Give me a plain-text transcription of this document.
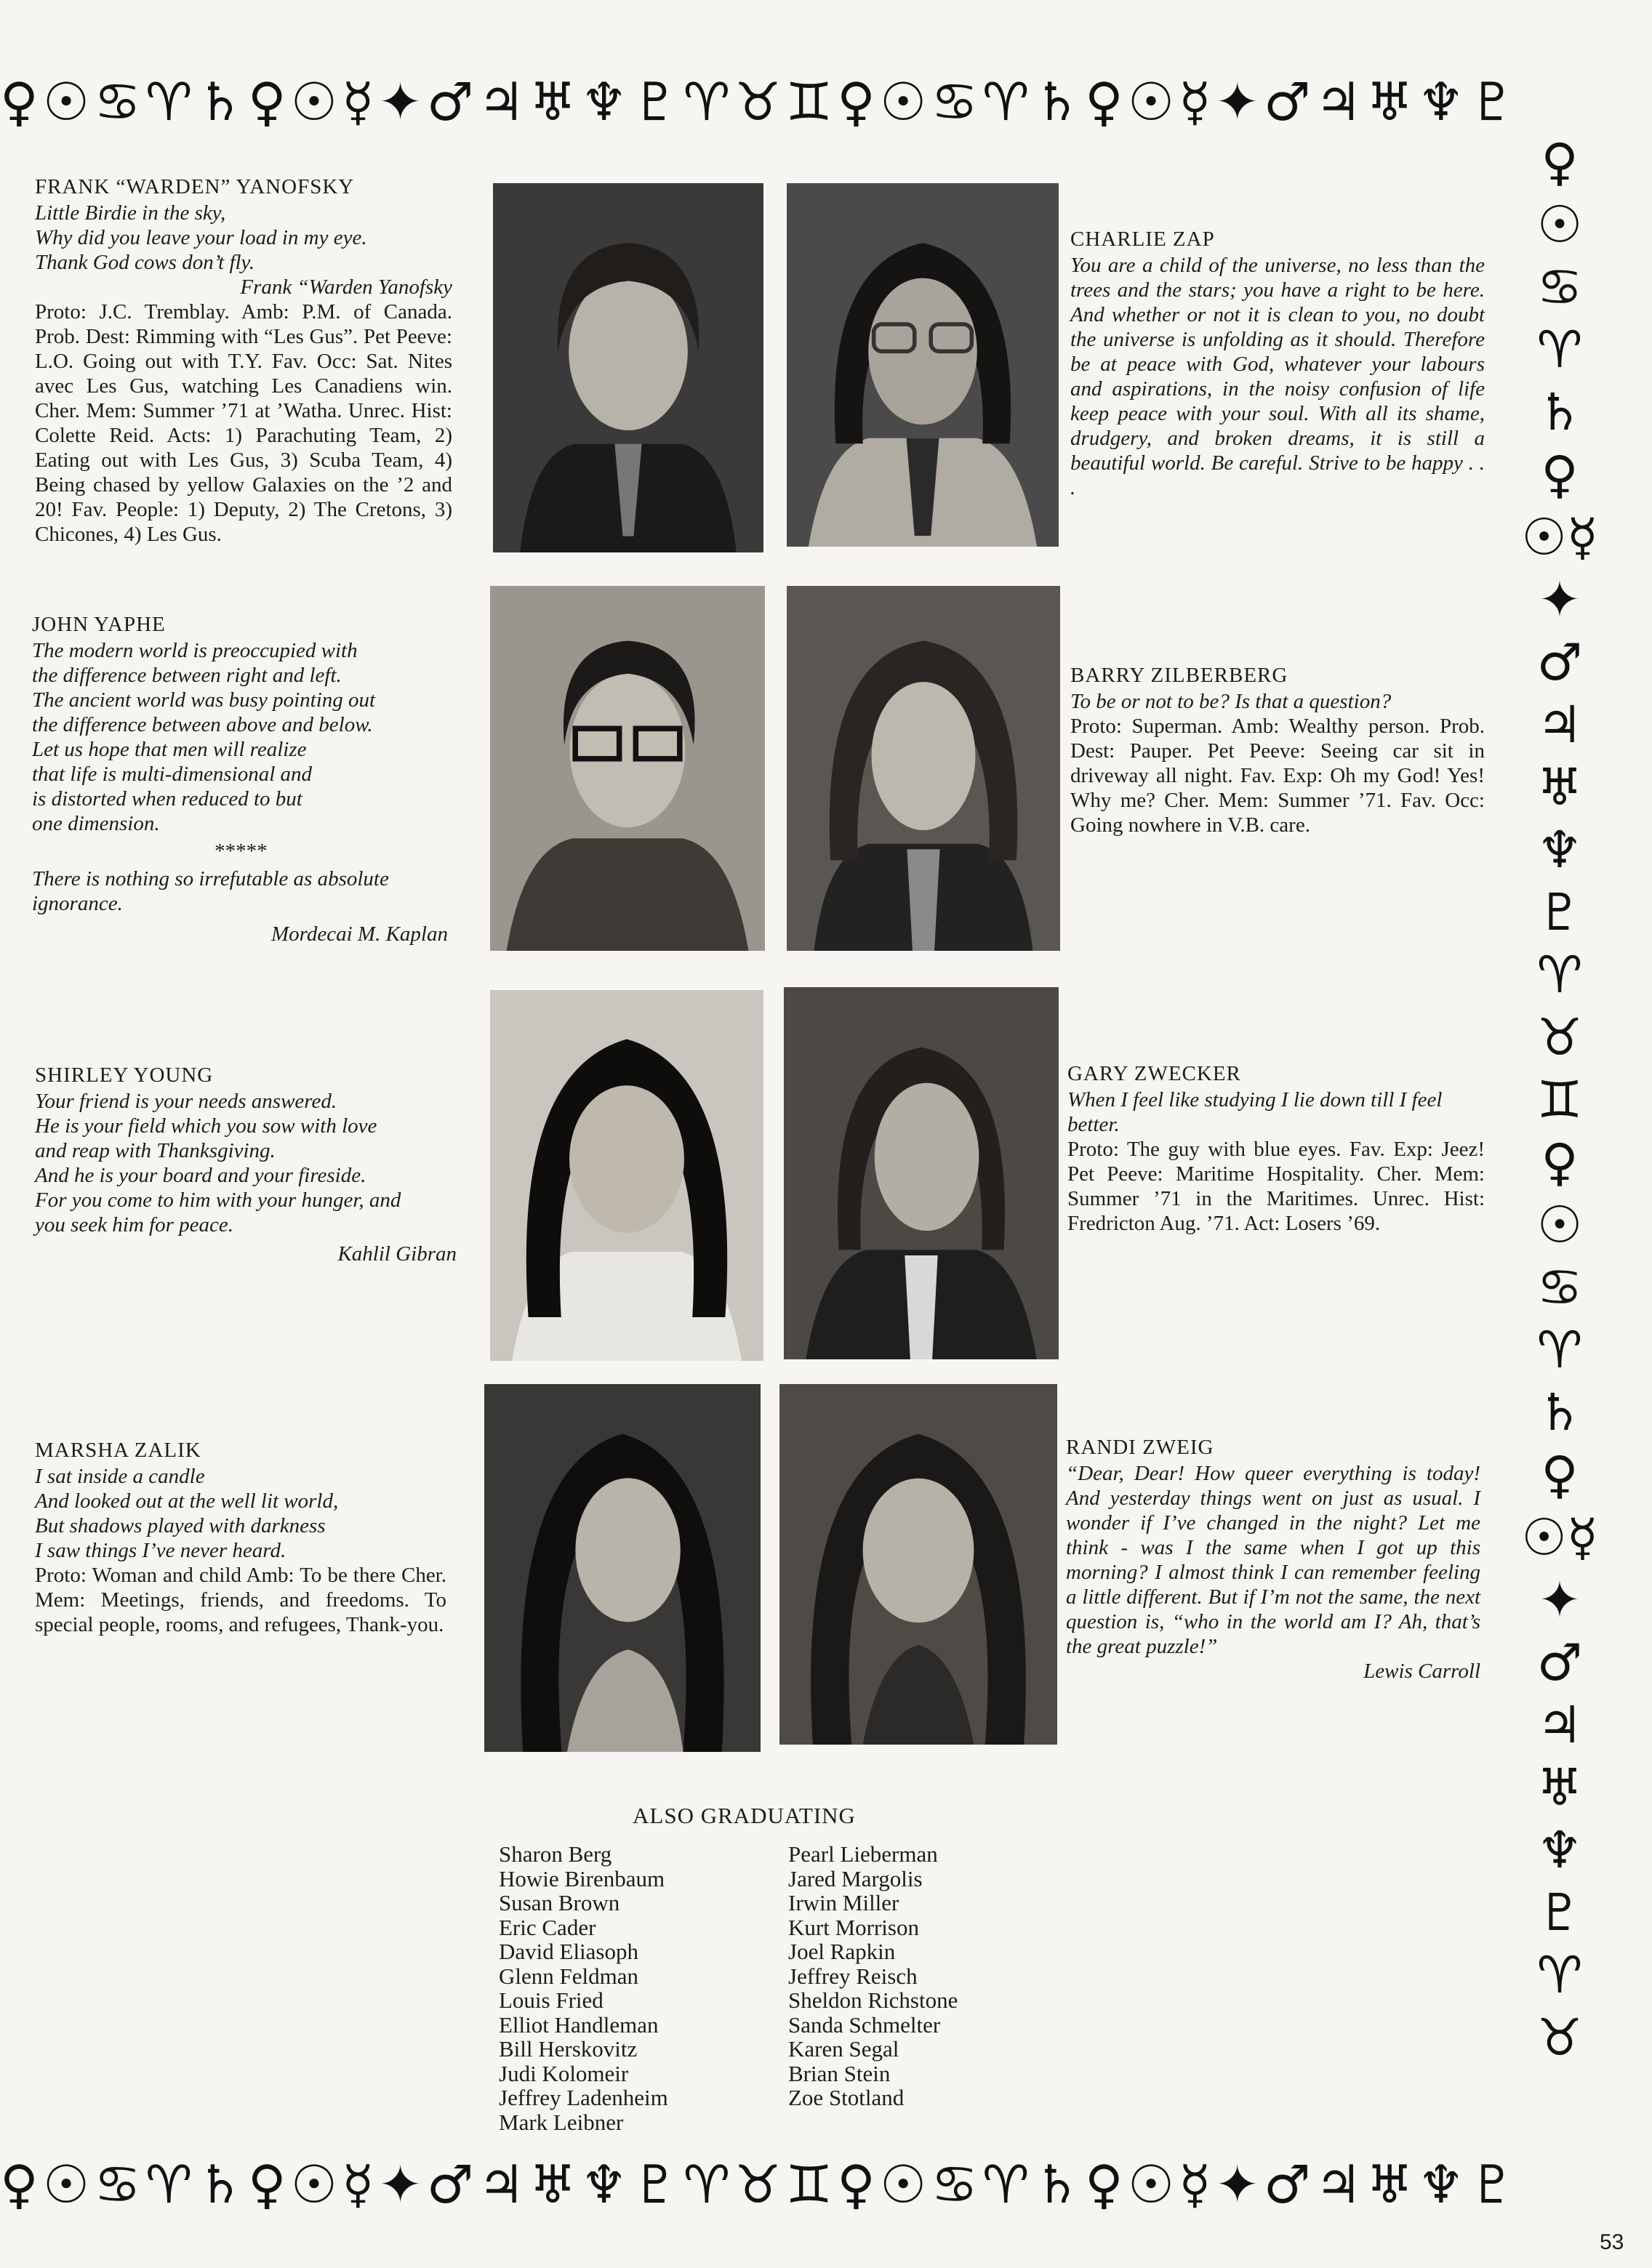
♀☉♋♈♄♀☉☿✦♂♃♅♆♇♈♉♊♀☉♋♈♄♀☉☿✦♂♃♅♆♇
♀☉♋♈♄♀☉☿✦♂♃♅♆♇♈♉♊♀☉♋♈♄♀☉☿✦♂♃♅♆♇♈♉
♀☉♋♈♄♀☉☿✦♂♃♅♆♇♈♉♊♀☉♋♈♄♀☉☿✦♂♃♅♆♇
FRANK “WARDEN” YANOFSKY
Little Birdie in the sky,
Why did you leave your load in my eye.
Thank God cows don’t fly.
Frank “Warden Yanofsky
Proto: J.C. Tremblay. Amb: P.M. of Canada. Prob. Dest: Rimming with “Les Gus”. Pet Peeve: L.O. Going out with T.Y. Fav. Occ: Sat. Nites avec Les Gus, watching Les Canadiens win. Cher. Mem: Summer ’71 at ’Watha. Unrec. Hist: Colette Reid. Acts: 1) Parachuting Team, 2) Eating out with Les Gus, 3) Scuba Team, 4) Being chased by yellow Galaxies on the ’2 and 20! Fav. People: 1) Deputy, 2) The Cretons, 3) Chicones, 4) Les Gus.
CHARLIE ZAP
You are a child of the universe, no less than the trees and the stars; you have a right to be here. And whether or not it is clean to you, no doubt the universe is unfolding as it should. Therefore be at peace with God, whatever your labours and aspirations, in the noisy confusion of life keep peace with your soul. With all its shame, drudgery, and broken dreams, it is still a beautiful world. Be careful. Strive to be happy . . .
JOHN YAPHE
The modern world is preoccupied with
the difference between right and left.
The ancient world was busy pointing out
the difference between above and below.
Let us hope that men will realize
that life is multi-dimensional and
is distorted when reduced to but
one dimension.
*****
There is nothing so irrefutable as absolute ignorance.
Mordecai M. Kaplan
BARRY ZILBERBERG
To be or not to be? Is that a question?
Proto: Superman. Amb: Wealthy person. Prob. Dest: Pauper. Pet Peeve: Seeing car sit in driveway all night. Fav. Exp: Oh my God! Yes! Why me? Cher. Mem: Summer ’71. Fav. Occ: Going nowhere in V.B. care.
SHIRLEY YOUNG
Your friend is your needs answered.
He is your field which you sow with love
and reap with Thanksgiving.
And he is your board and your fireside.
For you come to him with your hunger, and
you seek him for peace.
Kahlil Gibran
GARY ZWECKER
When I feel like studying I lie down till I feel better.
Proto: The guy with blue eyes. Fav. Exp: Jeez! Pet Peeve: Maritime Hospitality. Cher. Mem: Summer ’71 in the Maritimes. Unrec. Hist: Fredricton Aug. ’71. Act: Losers ’69.
MARSHA ZALIK
I sat inside a candle
And looked out at the well lit world,
But shadows played with darkness
I saw things I’ve never heard.
Proto: Woman and child Amb: To be there Cher. Mem: Meetings, friends, and freedoms. To special people, rooms, and refugees, Thank-you.
RANDI ZWEIG
“Dear, Dear! How queer everything is today! And yesterday things went on just as usual. I wonder if I’ve changed in the night? Let me think - was I the same when I got up this morning? I almost think I can remember feeling a little different. But if I’m not the same, the next question is, “who in the world am I? Ah, that’s the great puzzle!”
Lewis Carroll
ALSO GRADUATING
Sharon Berg
Howie Birenbaum
Susan Brown
Eric Cader
David Eliasoph
Glenn Feldman
Louis Fried
Elliot Handleman
Bill Herskovitz
Judi Kolomeir
Jeffrey Ladenheim
Mark Leibner
Pearl Lieberman
Jared Margolis
Irwin Miller
Kurt Morrison
Joel Rapkin
Jeffrey Reisch
Sheldon Richstone
Sanda Schmelter
Karen Segal
Brian Stein
Zoe Stotland
53
